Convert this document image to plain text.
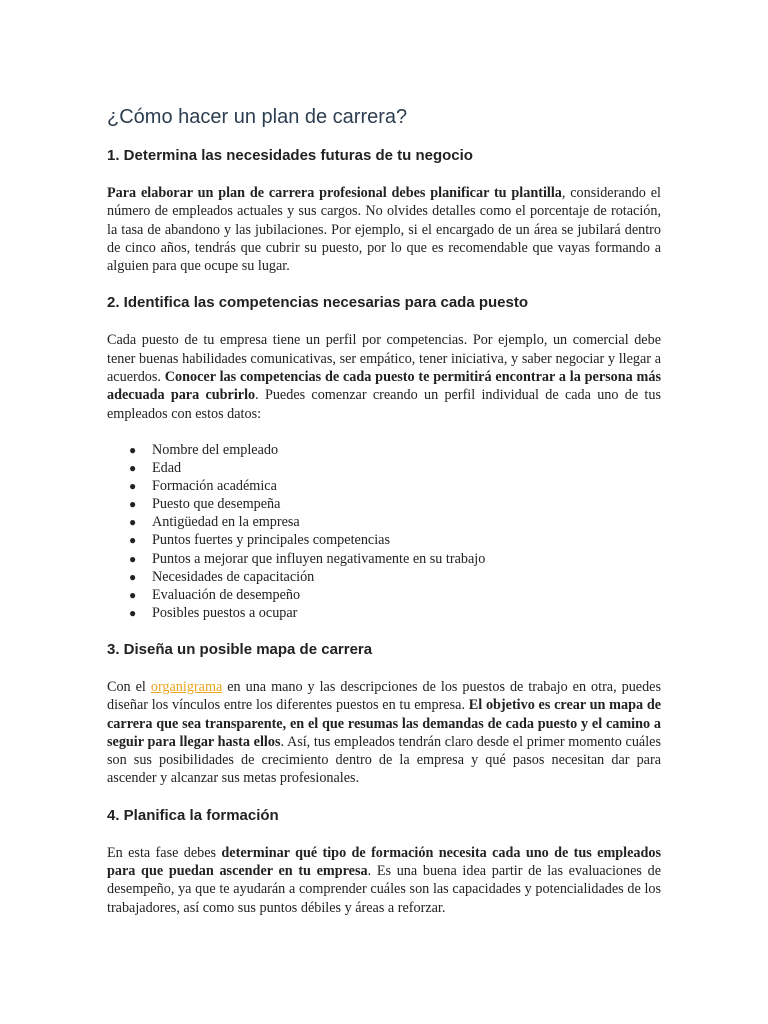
¿Cómo hacer un plan de carrera?
1. Determina las necesidades futuras de tu negocio

Para elaborar un plan de carrera profesional debes planificar tu plantilla, considerando el número de empleados actuales y sus cargos. No olvides detalles como el porcentaje de rotación, la tasa de abandono y las jubilaciones. Por ejemplo, si el encargado de un área se jubilará dentro de cinco años, tendrás que cubrir su puesto, por lo que es recomendable que vayas formando a alguien para que ocupe su lugar.

2. Identifica las competencias necesarias para cada puesto

Cada puesto de tu empresa tiene un perfil por competencias. Por ejemplo, un comercial debe tener buenas habilidades comunicativas, ser empático, tener iniciativa, y saber negociar y llegar a acuerdos. Conocer las competencias de cada puesto te permitirá encontrar a la persona más adecuada para cubrirlo. Puedes comenzar creando un perfil individual de cada uno de tus empleados con estos datos:

● Nombre del empleado
● Edad
● Formación académica
● Puesto que desempeña
● Antigüedad en la empresa
● Puntos fuertes y principales competencias
● Puntos a mejorar que influyen negativamente en su trabajo
● Necesidades de capacitación
● Evaluación de desempeño
● Posibles puestos a ocupar
3. Diseña un posible mapa de carrera

Con el organigrama en una mano y las descripciones de los puestos de trabajo en otra, puedes diseñar los vínculos entre los diferentes puestos en tu empresa. El objetivo es crear un mapa de carrera que sea transparente, en el que resumas las demandas de cada puesto y el camino a seguir para llegar hasta ellos. Así, tus empleados tendrán claro desde el primer momento cuáles son sus posibilidades de crecimiento dentro de la empresa y qué pasos necesitan dar para ascender y alcanzar sus metas profesionales.

4. Planifica la formación

En esta fase debes determinar qué tipo de formación necesita cada uno de tus empleados para que puedan ascender en tu empresa. Es una buena idea partir de las evaluaciones de desempeño, ya que te ayudarán a comprender cuáles son las capacidades y potencialidades de los trabajadores, así como sus puntos débiles y áreas a reforzar.
